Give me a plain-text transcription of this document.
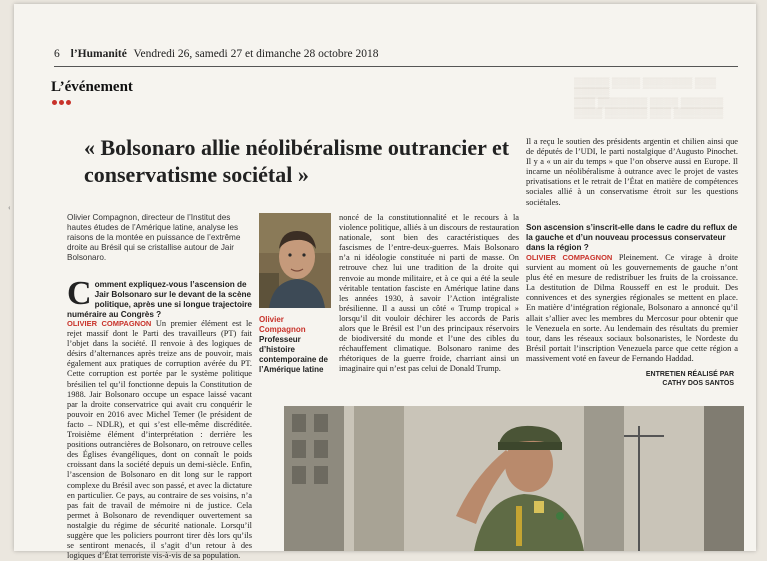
6 l’Humanité Vendredi 26, samedi 27 et dimanche 28 octobre 2018
L’événement	▒▒▒▒▒ ▒▒▒▒ ▒▒▒▒▒▒▒ ▒▒▒ ▒▒▒▒▒
▒▒▒ ▒▒▒▒▒▒▒ ▒▒▒▒ ▒▒▒▒▒▒
▒▒▒▒ ▒▒▒▒▒▒ ▒▒▒ ▒▒▒▒▒▒▒
« Bolsonaro allie néolibéralisme outrancier et conservatisme sociétal »
Olivier Compagnon, directeur de l’Institut des hautes études de l’Amérique latine, analyse les raisons de la montée en puissance de l’extrême droite au Brésil qui se cristallise autour de Jair Bolsonaro.
Olivier Compagnon
Professeur d’histoire contemporaine de l’Amérique latine
C omment expliquez-vous l’ascension de Jair Bolsonaro sur le devant de la scène politique, après une si longue trajectoire numéraire au Congrès ?
OLIVIER COMPAGNON Un premier élément est le rejet massif dont le Parti des travailleurs (PT) fait l’objet dans la société. Il renvoie à des logiques de désirs d’alternances après treize ans de pouvoir, mais également aux pratiques de corruption avérée du PT. Cette corruption est portée par le système politique brésilien tel qu’il fonctionne depuis la Constitution de 1988. Jair Bolsonaro occupe un espace laissé vacant par la droite conservatrice qui avait cru conquérir le pouvoir en 2016 avec Michel Temer (le président de facto – NDLR), et qui s’est elle-même discréditée. Troisième élément d’interprétation : derrière les positions outrancières de Bolsonaro, on retrouve celles des Églises évangéliques, dont on connaît le poids croissant dans la société depuis un demi-siècle. Enfin, l’ascension de Bolsonaro en dit long sur le rapport complexe du Brésil avec son passé, et avec la dictature en particulier. Ce pays, au contraire de ses voisins, n’a pas fait de travail de mémoire ni de justice. Cela permet à Bolsonaro de revendiquer ouvertement sa nostalgie du régime de sécurité nationale. Lorsqu’il suggère que les policiers pourront tirer dès lors qu’ils se sentiront menacés, il s’agit d’un retour à des logiques d’État terroriste vis-à-vis de sa population.
noncé de la constitutionnalité et le recours à la violence politique, alliés à un discours de restauration nationale, sont bien des caractéristiques des fascismes de l’entre-deux-guerres. Mais Bolsonaro n’a ni idéologie constituée ni parti de masse. On retrouve chez lui une tradition de la droite qui renvoie au monde militaire, et à ce qui a été la seule véritable tentation fasciste en Amérique latine dans les années 1930, à savoir l’Action intégraliste brésilienne. Il a aussi un côté « Trump tropical » lorsqu’il dit vouloir déchirer les accords de Paris alors que le Brésil est l’un des principaux réservoirs de biodiversité du monde et l’une des cibles du réchauffement climatique. Bolsonaro ranime des rhétoriques de la guerre froide, charriant ainsi un imaginaire qui n’est pas celui de Donald Trump.
Il a reçu le soutien des présidents argentin et chilien ainsi que de députés de l’UDI, le parti nostalgique d’Augusto Pinochet. Il y a « un air du temps » que l’on observe aussi en Europe. Il incarne un néolibéralisme à outrance avec le projet de vastes privatisations et le retrait de l’État en matière de compétences sociales allié à un conservatisme étroit sur les questions sociétales.
Son ascension s’inscrit-elle dans le cadre du reflux de la gauche et d’un nouveau processus conservateur dans la région ?
OLIVIER COMPAGNON Pleinement. Ce virage à droite survient au moment où les gouvernements de gauche n’ont plus été en mesure de redistribuer les fruits de la croissance. La destitution de Dilma Rousseff en est le produit. Des connivences et des synergies régionales se mettent en place. En matière d’intégration régionale, Bolsonaro a annoncé qu’il allait s’allier avec les membres du Mercosur pour obtenir que le Venezuela en sorte. Au lendemain des résultats du premier tour, dans les réseaux sociaux bolsonaristes, le Nordeste du Brésil portait l’inscription Venezuela parce que cette région a massivement voté en faveur de Fernando Haddad.
ENTRETIEN RÉALISÉ PAR
CATHY DOS SANTOS
‹
